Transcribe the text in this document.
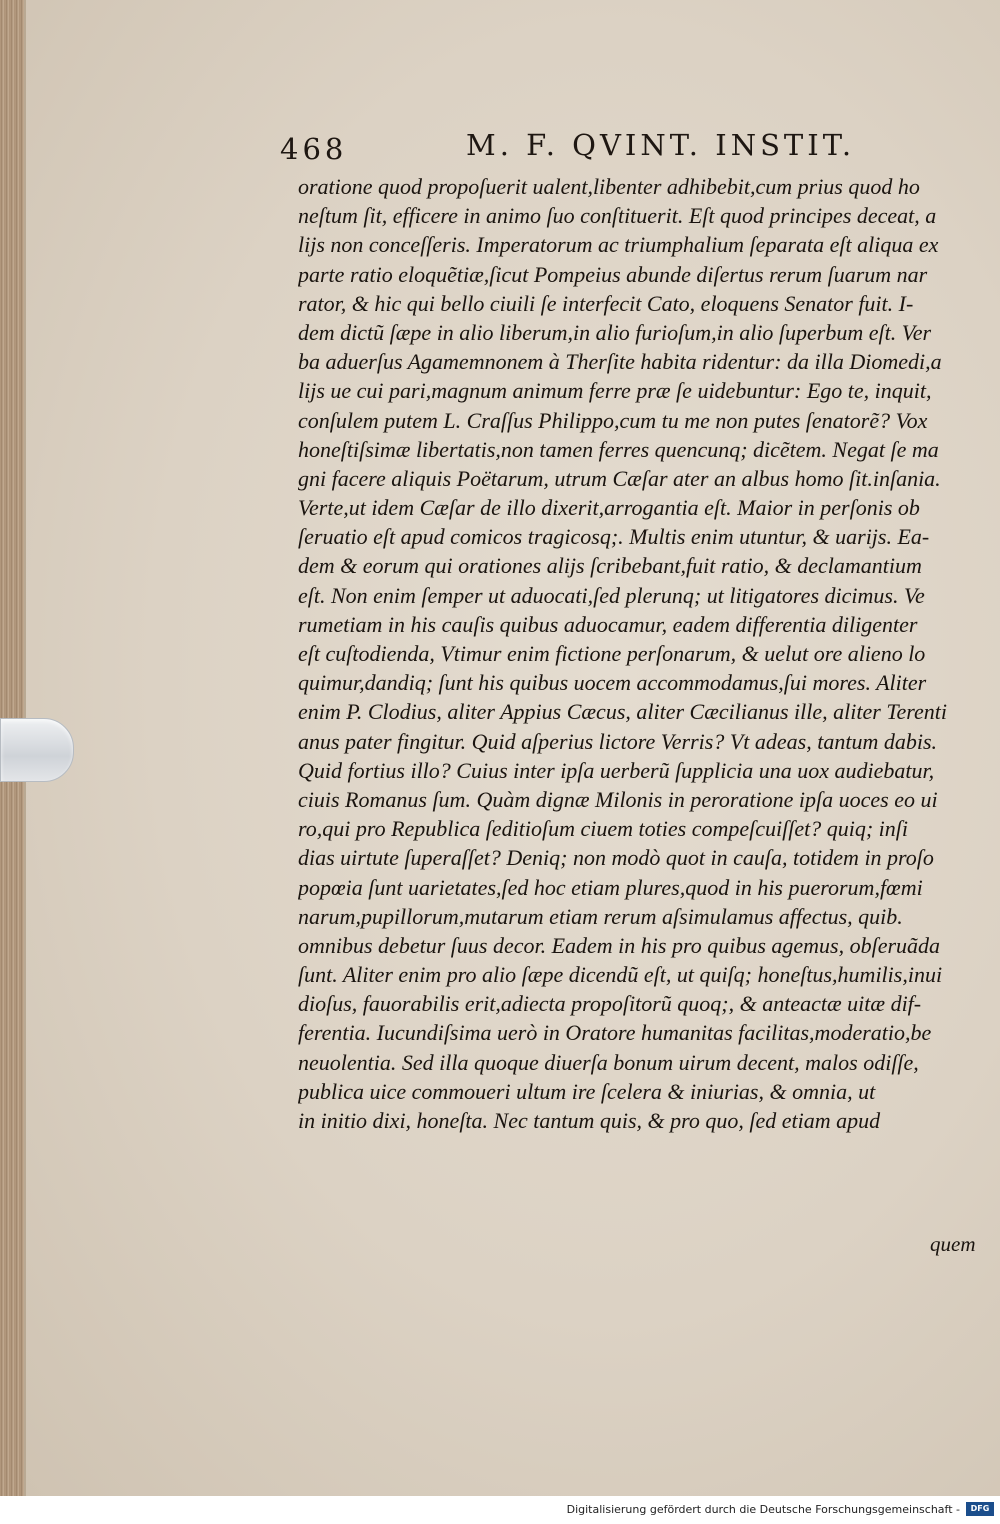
468	M. F. QVINT. INSTIT.
oratione quod propoſuerit ualent,libenter adhibebit,cum prius quod ho
neſtum ſit, efficere in animo ſuo conſtituerit. Eſt quod principes deceat, a
lijs non conceſſeris. Imperatorum ac triumphalium ſeparata eſt aliqua ex
parte ratio eloquẽtiæ,ſicut Pompeius abunde diſertus rerum ſuarum nar
rator, & hic qui bello ciuili ſe interfecit Cato, eloquens Senator fuit. I-
dem dictũ ſæpe in alio liberum,in alio furioſum,in alio ſuperbum eſt. Ver
ba aduerſus Agamemnonem à Therſite habita ridentur: da illa Diomedi,a
lijs ue cui pari,magnum animum ferre præ ſe uidebuntur: Ego te, inquit,
conſulem putem L. Craſſus Philippo,cum tu me non putes ſenatorẽ? Vox
honeſtiſsimæ libertatis,non tamen ferres quencunq; dicẽtem. Negat ſe ma
gni facere aliquis Poëtarum, utrum Cæſar ater an albus homo ſit.inſania.
Verte,ut idem Cæſar de illo dixerit,arrogantia eſt. Maior in perſonis ob
ſeruatio eſt apud comicos tragicosq;. Multis enim utuntur, & uarijs. Ea-
dem & eorum qui orationes alijs ſcribebant,fuit ratio, & declamantium
eſt. Non enim ſemper ut aduocati,ſed plerunq; ut litigatores dicimus. Ve
rumetiam in his cauſis quibus aduocamur, eadem differentia diligenter
eſt cuſtodienda, Vtimur enim fictione perſonarum, & uelut ore alieno lo
quimur,dandiq; ſunt his quibus uocem accommodamus,ſui mores. Aliter
enim P. Clodius, aliter Appius Cæcus, aliter Cæcilianus ille, aliter Terenti
anus pater fingitur. Quid aſperius lictore Verris? Vt adeas, tantum dabis.
Quid fortius illo? Cuius inter ipſa uerberũ ſupplicia una uox audiebatur,
ciuis Romanus ſum. Quàm dignæ Milonis in peroratione ipſa uoces eo ui
ro,qui pro Republica ſeditioſum ciuem toties compeſcuiſſet? quiq; inſi
dias uirtute ſuperaſſet? Deniq; non modò quot in cauſa, totidem in proſo
popœia ſunt uarietates,ſed hoc etiam plures,quod in his puerorum,fœmi
narum,pupillorum,mutarum etiam rerum aſsimulamus affectus, quib.
omnibus debetur ſuus decor. Eadem in his pro quibus agemus, obſeruãda
ſunt. Aliter enim pro alio ſæpe dicendũ eſt, ut quiſq; honeſtus,humilis,inui
dioſus, fauorabilis erit,adiecta propoſitorũ quoq;, & anteactæ uitæ dif-
ferentia. Iucundiſsima uerò in Oratore humanitas facilitas,moderatio,be
neuolentia. Sed illa quoque diuerſa bonum uirum decent, malos odiſſe,
publica uice commoueri ultum ire ſcelera & iniurias, & omnia, ut
in initio dixi, honeſta. Nec tantum quis, & pro quo, ſed etiam apud
quem
Digitalisierung gefördert durch die Deutsche Forschungsgemeinschaft -	DFG
